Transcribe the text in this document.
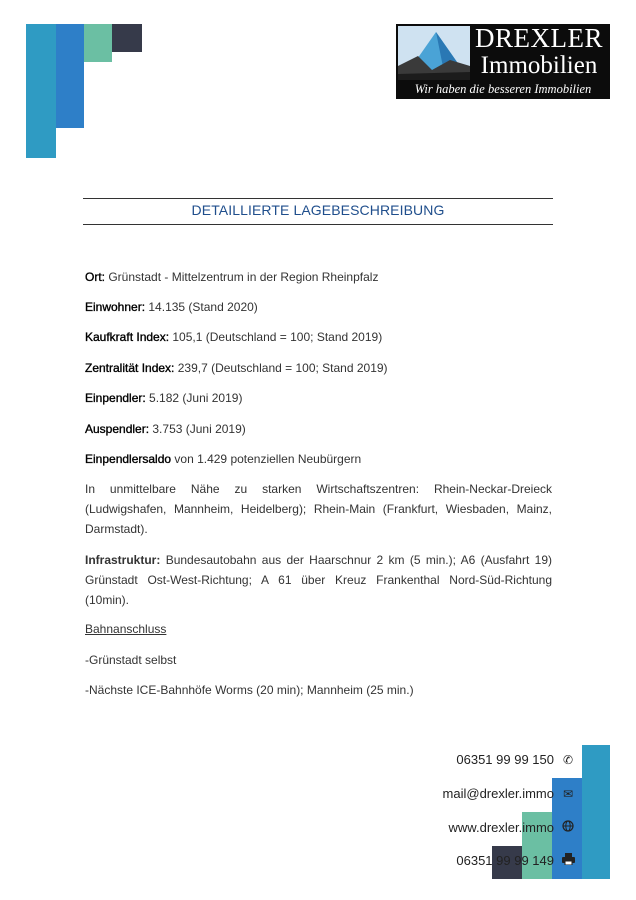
DREXLER
Immobilien
Wir haben die besseren Immobilien
DETAILLIERTE LAGEBESCHREIBUNG
Ort: Grünstadt - Mittelzentrum in der Region Rheinpfalz
Einwohner: 14.135 (Stand 2020)
Kaufkraft Index: 105,1 (Deutschland = 100; Stand 2019)
Zentralität Index: 239,7 (Deutschland = 100; Stand 2019)
Einpendler: 5.182 (Juni 2019)
Auspendler: 3.753 (Juni 2019)
Einpendlersaldo von 1.429 potenziellen Neubürgern
In unmittelbare Nähe zu starken Wirtschaftszentren: Rhein-Neckar-Dreieck (Ludwigshafen, Mannheim, Heidelberg); Rhein-Main (Frankfurt, Wiesbaden, Mainz, Darmstadt).
Infrastruktur: Bundesautobahn aus der Haarschnur 2 km (5 min.); A6 (Ausfahrt 19) Grünstadt Ost-West-Richtung; A 61 über Kreuz Frankenthal Nord-Süd-Richtung (10min).
Bahnanschluss
-Grünstadt selbst
-Nächste ICE-Bahnhöfe Worms (20 min); Mannheim (25 min.)
06351 99 99 150 ✆
mail@drexler.immo ✉
www.drexler.immo
06351 99 99 149
